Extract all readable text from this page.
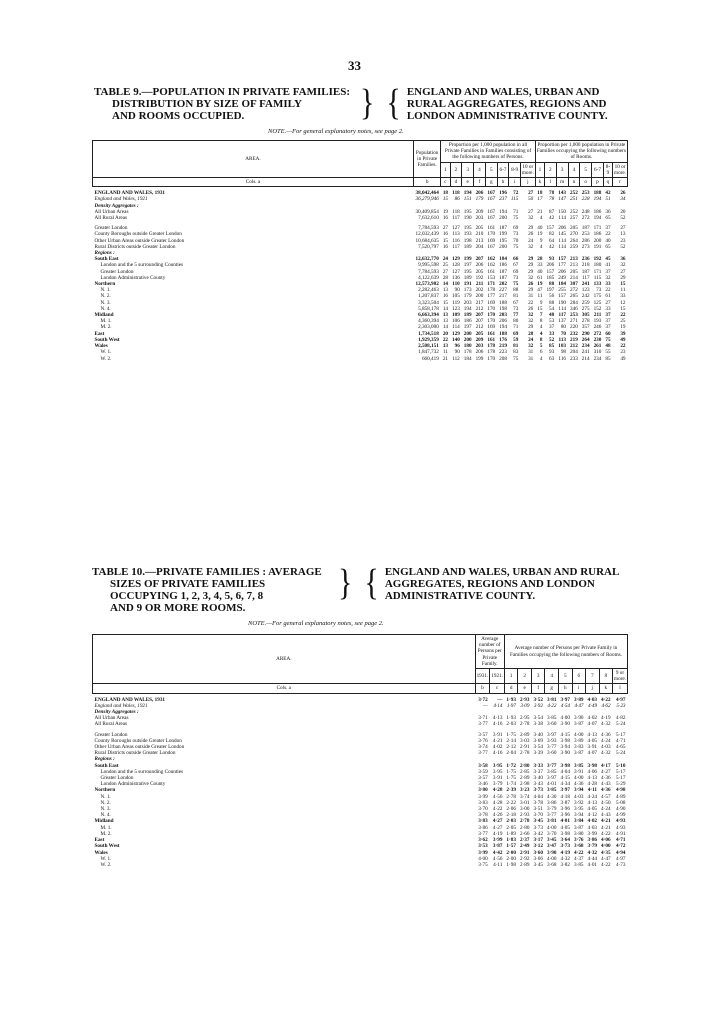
33
TABLE 9.—POPULATION IN PRIVATE FAMILIES:
DISTRIBUTION BY SIZE OF FAMILY
AND ROOMS OCCUPIED.	} { ENGLAND AND WALES, URBAN AND
RURAL AGGREGATES, REGIONS AND
LONDON ADMINISTRATIVE COUNTY.
NOTE.—For general explanatory notes, see page 2.
AREA.	Population in Private Families.	Proportion per 1,000 population in all Private Families in Families consisting of the following numbers of Persons.								Proportion per 1,000 population in Private Families occupying the following numbers of Rooms.							
		1	2	3	4	5	6-7	8-9	10 or more.	1	2	3	4	5	6-7	8-9	10 or more.
Cols. a	b	c	d	e	f	g	h	i	j	k	l	m	n	o	p	q	r

ENGLAND AND WALES, 1931	38,042,464	18	118	194	206	167	196	72	27	18	78	143	252	253	188	42	26
England and Wales, 1921	36,279,946	15	86	151	179	167	237	115	50	17	78	147	251	228	194	51	34
Density Aggregates :																	
All Urban Areas	30,409,854	19	118	195	209	167	194	71	27	21	87	150	252	248	186	36	20
All Rural Areas	7,632,610	16	117	190	203	167	200	75	32	4	42	114	257	272	194	65	52

Greater London	7,784,593	27	127	195	205	161	187	69	29	40	157	206	205	187	171	37	27
County Boroughs outside Greater London	12,032,439	16	113	193	210	170	199	73	26	19	82	145	270	253	186	22	13
Other Urban Areas outside Greater London	10,684,635	15	116	198	213	169	195	70	24	9	64	114	264	286	200	40	23
Rural Districts outside Greater London	7,520,797	16	117	189	204	167	200	75	32	4	42	114	259	273	191	65	52
Regions :																	
South East	12,632,770	24	129	199	207	162	184	66	29	28	93	157	213	236	192	45	36
London and the 5 surrounding Counties	9,995,598	25	128	197	206	162	186	67	29	33	206	177	213	218	180	41	32
Greater London	7,784,593	27	127	195	205	161	187	69	29	40	157	206	205	187	171	37	27
London Administrative County	4,122,639	28	136	189	192	153	187	73	32	61	185	249	214	117	115	32	29
Northern	12,573,982	14	110	191	211	171	202	75	26	19	88	184	307	241	133	33	15
N. 1.	2,282,463	13	90	173	202	178	227	88	29	47	197	255	272	123	73	22	11
N. 2.	1,207,837	16	105	179	200	177	217	81	31	11	56	157	265	242	175	61	33
N. 3.	3,323,504	15	119	203	217	169	188	67	22	9	88	190	284	259	125	27	12
N. 4.	5,858,178	14	123	194	212	170	198	73	26	15	54	114	346	275	152	33	15
Midland	6,663,394	13	109	189	207	170	203	77	32	7	48	117	253	305	211	37	22
M. 1.	4,360,394	13	106	186	207	170	206	80	32	8	53	137	271	278	193	37	25
M. 2.	2,303,000	14	114	197	212	169	194	71	29	4	37	80	220	357	246	37	19
East	1,734,518	20	129	200	205	161	188	69	28	4	33	70	232	290	272	60	39
South West	1,929,359	22	140	200	209	161	176	59	24	8	52	113	219	264	230	75	49
Wales	2,508,151	13	96	180	203	178	219	81	32	5	85	103	212	234	261	48	22
W. 1.	1,847,732	11	90	178	206	178	223	83	31	6	93	98	204	241	310	55	23
W. 2.	660,419	21	112	184	199	170	208	75	31	4	63	116	233	214	234	85	49
TABLE 10.—PRIVATE FAMILIES : AVERAGE
SIZES OF PRIVATE FAMILIES
OCCUPYING 1, 2, 3, 4, 5, 6, 7, 8
AND 9 OR MORE ROOMS.
} { ENGLAND AND WALES, URBAN AND RURAL
AGGREGATES, REGIONS AND LONDON
ADMINISTRATIVE COUNTY.
NOTE.—For general explanatory notes, see page 2.
AREA.	Average number of Persons per Private Family.		Average number of Persons per Private Family in Families occupying the following numbers of Rooms.								
	1931.	1921.	1	2	3	4	5	6	7	8	9 or more.
Cols. a	b	c	d	e	f	g	h	i	j	k	l

ENGLAND AND WALES, 1931	3·72	—	1·93	2·93	3·52	3·81	3·97	3·89	4·03	4·22	4·97
England and Wales, 1921	—	4·14	1·97	3·09	3·92	4·22	4·54	4·47	4·49	4·62	5·23
Density Aggregates :											
All Urban Areas	3·71	4·13	1·93	2·95	3·54	3·85	4·00	3·90	4·02	4·19	4·82
All Rural Areas	3·77	4·16	2·03	2·78	3·38	3·60	3·90	3·87	4·07	4·32	5·24

Greater London	3·57	3·91	1·75	2·89	3·40	3·97	4·15	4·00	4·13	4·36	5·17
County Boroughs outside Greater London	3·76	4·21	2·14	3·03	3·69	3·93	3·98	3·89	4·05	4·24	4·71
Other Urban Areas outside Greater London	3·74	4·02	2·12	2·91	3·54	3·77	3·94	3·83	3·91	4·03	4·65
Rural Districts outside Greater London	3·77	4·16	2·04	2·78	3·39	3·60	3·90	3·87	4·07	4·32	5·24
Regions :											
South East	3·58	3·95	1·72	2·80	3·33	3·77	3·98	3·85	3·98	4·17	5·10
London and the 5 surrounding Counties	3·59	3·95	1·75	2·85	3·37	3·85	4·04	3·91	4·06	4·27	5·17
Greater London	3·57	3·91	1·75	2·89	3·40	3·97	4·15	4·00	4·13	4·36	5·17
London Administrative County	3·46	3·79	1·74	2·98	3·43	4·01	4·34	4·36	4·28	4·43	5·29
Northern	3·80	4·28	2·39	3·23	3·73	3·85	3·97	3·94	4·11	4·36	4·98
N. 1.	3·99	4·56	2·78	3·74	4·04	4·30	4·18	4·03	4·24	4·57	4·89
N. 2.	3·83	4·28	2·22	3·01	3·78	3·86	3·87	3·92	4·13	4·50	5·08
N. 3.	3·70	4·22	2·06	3·00	3·51	3·79	3·96	3·95	4·05	4·24	4·90
N. 4.	3·78	4·26	2·18	2·93	3·70	3·77	3·96	3·94	4·12	4·43	4·99
Midland	3·83	4·27	2·03	2·78	3·45	3·81	4·01	3·84	4·02	4·21	4·93
M. 1.	3·86	4·27	2·05	2·80	3·73	4·00	4·05	3·87	4·03	4·21	4·93
M. 2.	3·77	4·19	1·89	2·66	3·42	3·70	3·98	3·80	3·99	4·22	4·91
East	3·62	3·99	1·83	2·37	3·17	3·45	3·64	3·76	3·86	4·06	4·71
South West	3·53	3·87	1·57	2·49	3·12	3·47	3·73	3·68	3·79	4·00	4·72
Wales	3·99	4·42	2·00	2·91	3·60	3·90	4·19	4·22	4·32	4·35	4·94
W. 1.	4·00	4·56	2·00	2·92	3·66	4·00	4·32	4·37	4·44	4·47	4·97
W. 2.	3·75	4·11	1·98	2·89	3·45	3·68	3·82	3·85	4·01	4·22	4·73
